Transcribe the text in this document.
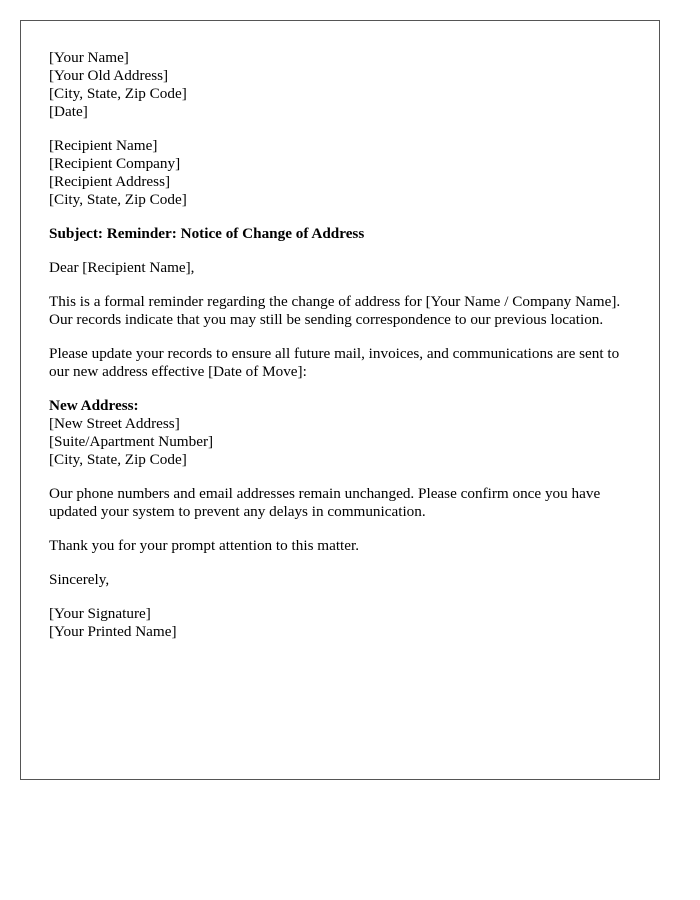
[Your Name]
[Your Old Address]
[City, State, Zip Code]
[Date]
[Recipient Name]
[Recipient Company]
[Recipient Address]
[City, State, Zip Code]
Subject: Reminder: Notice of Change of Address
Dear [Recipient Name],
This is a formal reminder regarding the change of address for [Your Name / Company Name]. Our records indicate that you may still be sending correspondence to our previous location.
Please update your records to ensure all future mail, invoices, and communications are sent to our new address effective [Date of Move]:
New Address:
[New Street Address]
[Suite/Apartment Number]
[City, State, Zip Code]
Our phone numbers and email addresses remain unchanged. Please confirm once you have updated your system to prevent any delays in communication.
Thank you for your prompt attention to this matter.
Sincerely,
[Your Signature]
[Your Printed Name]
